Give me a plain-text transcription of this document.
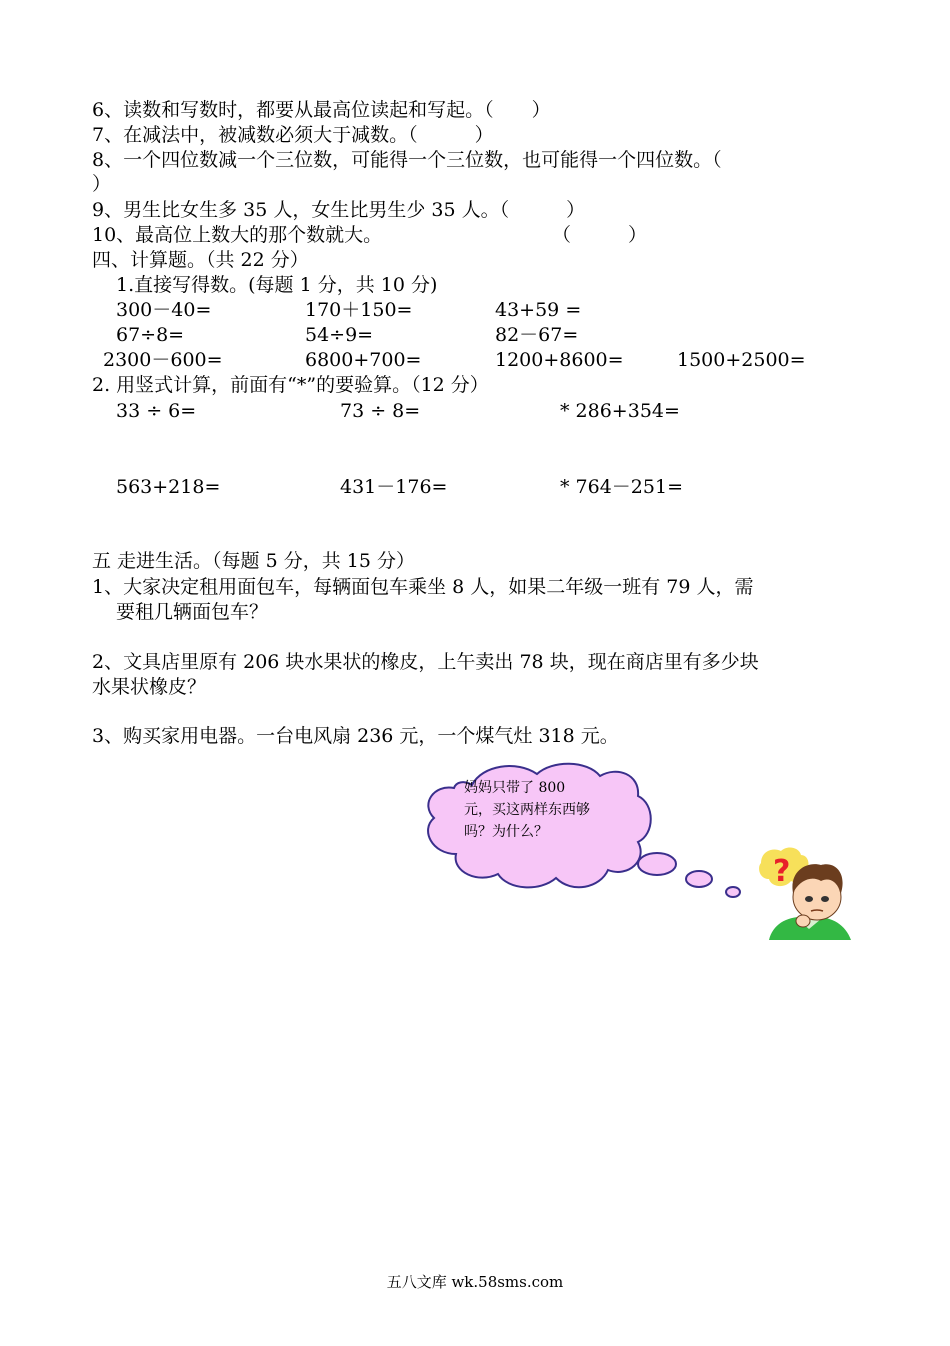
6、读数和写数时，都要从最高位读起和写起。（　　）
7、在减法中，被减数必须大于减数。（　　　）
8、一个四位数减一个三位数，可能得一个三位数，也可能得一个四位数。（
）
9、男生比女生多 35 人，女生比男生少 35 人。（　　　）
10、最高位上数大的那个数就大。	（　　　）
四、计算题。（共 22 分）
1.直接写得数。(每题 1 分，共 10 分)
300－40=	170＋150=	43+59 =
67÷8=	54÷9=	82－67=
2300－600=	6800+700=	1200+8600=	1500+2500=
2. 用竖式计算，前面有“*”的要验算。（12 分）
33 ÷ 6=	73 ÷ 8=	* 286+354=
563+218=	431－176=	* 764－251=
五 走进生活。（每题 5 分，共 15 分）
1、大家决定租用面包车，每辆面包车乘坐 8 人，如果二年级一班有 79 人，需
要租几辆面包车？
2、文具店里原有 206 块水果状的橡皮，上午卖出 78 块，现在商店里有多少块
水果状橡皮？
3、购买家用电器。一台电风扇 236 元，一个煤气灶 318 元。
妈妈只带了 800 元，买这两样东西够吗？为什么？
?
五八文库 wk.58sms.com
